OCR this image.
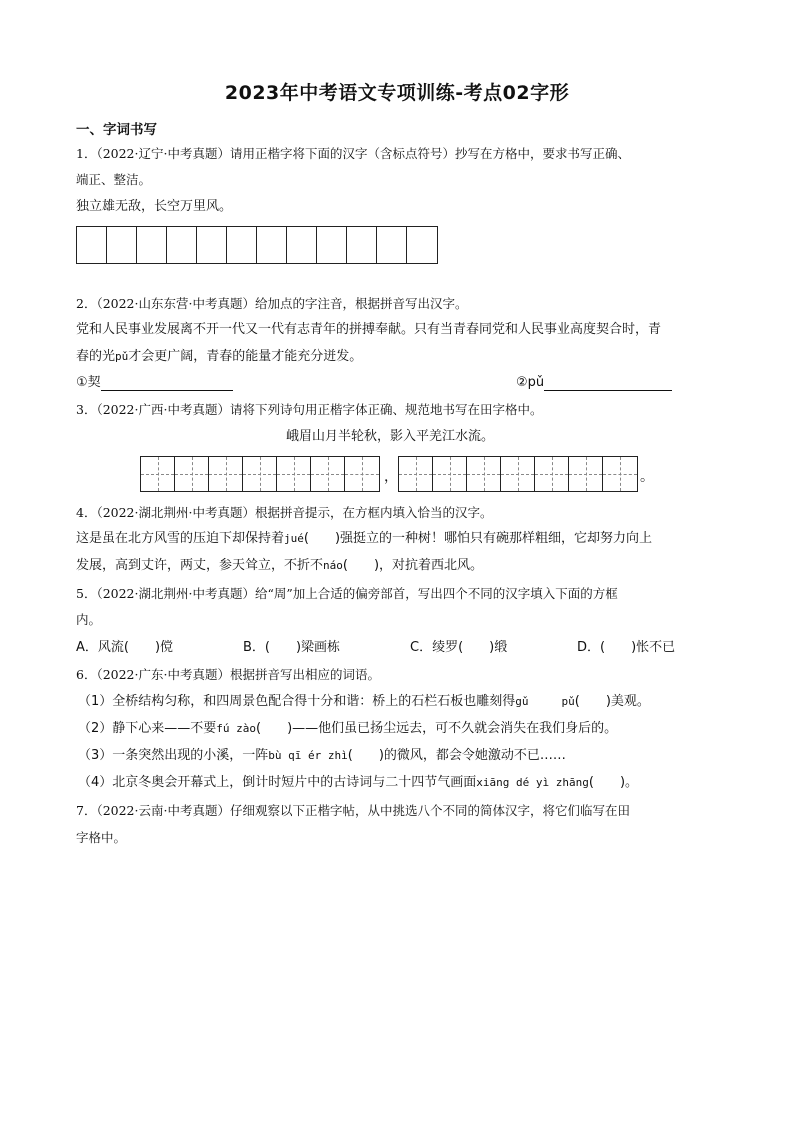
2023年中考语文专项训练-考点02字形
一、字词书写
1．（2022·辽宁·中考真题）请用正楷字将下面的汉字（含标点符号）抄写在方格中，要求书写正确、
端正、整洁。
独立雄无敌，长空万里风。
2．（2022·山东东营·中考真题）给加点的字注音，根据拼音写出汉字。
党和人民事业发展离不开一代又一代有志青年的拼搏奉献。只有当青春同党和人民事业高度契合时，青
春的光pǔ才会更广阔，青春的能量才能充分迸发。
①契	②pǔ
3．（2022·广西·中考真题）请将下列诗句用正楷字体正确、规范地书写在田字格中。
峨眉山月半轮秋，影入平羌江水流。
，	。
4．（2022·湖北荆州·中考真题）根据拼音提示，在方框内填入恰当的汉字。
这是虽在北方风雪的压迫下却保持着jué(　　)强挺立的一种树！哪怕只有碗那样粗细，它却努力向上
发展，高到丈许，两丈，参天耸立，不折不náo(　　)，对抗着西北风。
5．（2022·湖北荆州·中考真题）给“周”加上合适的偏旁部首，写出四个不同的汉字填入下面的方框
内。
A．风流(　　)傥	B．(　　)梁画栋	C．绫罗(　　)缎	D．(　　)怅不已
6．（2022·广东·中考真题）根据拼音写出相应的词语。
（1）全桥结构匀称，和四周景色配合得十分和谐：桥上的石栏石板也雕刻得gǔ　　　pǔ(　　)美观。
（2）静下心来——不要fú zào(　　)——他们虽已扬尘远去，可不久就会消失在我们身后的。
（3）一条突然出现的小溪，一阵bù qī ér zhì(　　)的微风，都会令她激动不已……
（4）北京冬奥会开幕式上，倒计时短片中的古诗词与二十四节气画面xiāng dé yì zhāng(　　)。
7．（2022·云南·中考真题）仔细观察以下正楷字帖，从中挑选八个不同的简体汉字，将它们临写在田
字格中。
